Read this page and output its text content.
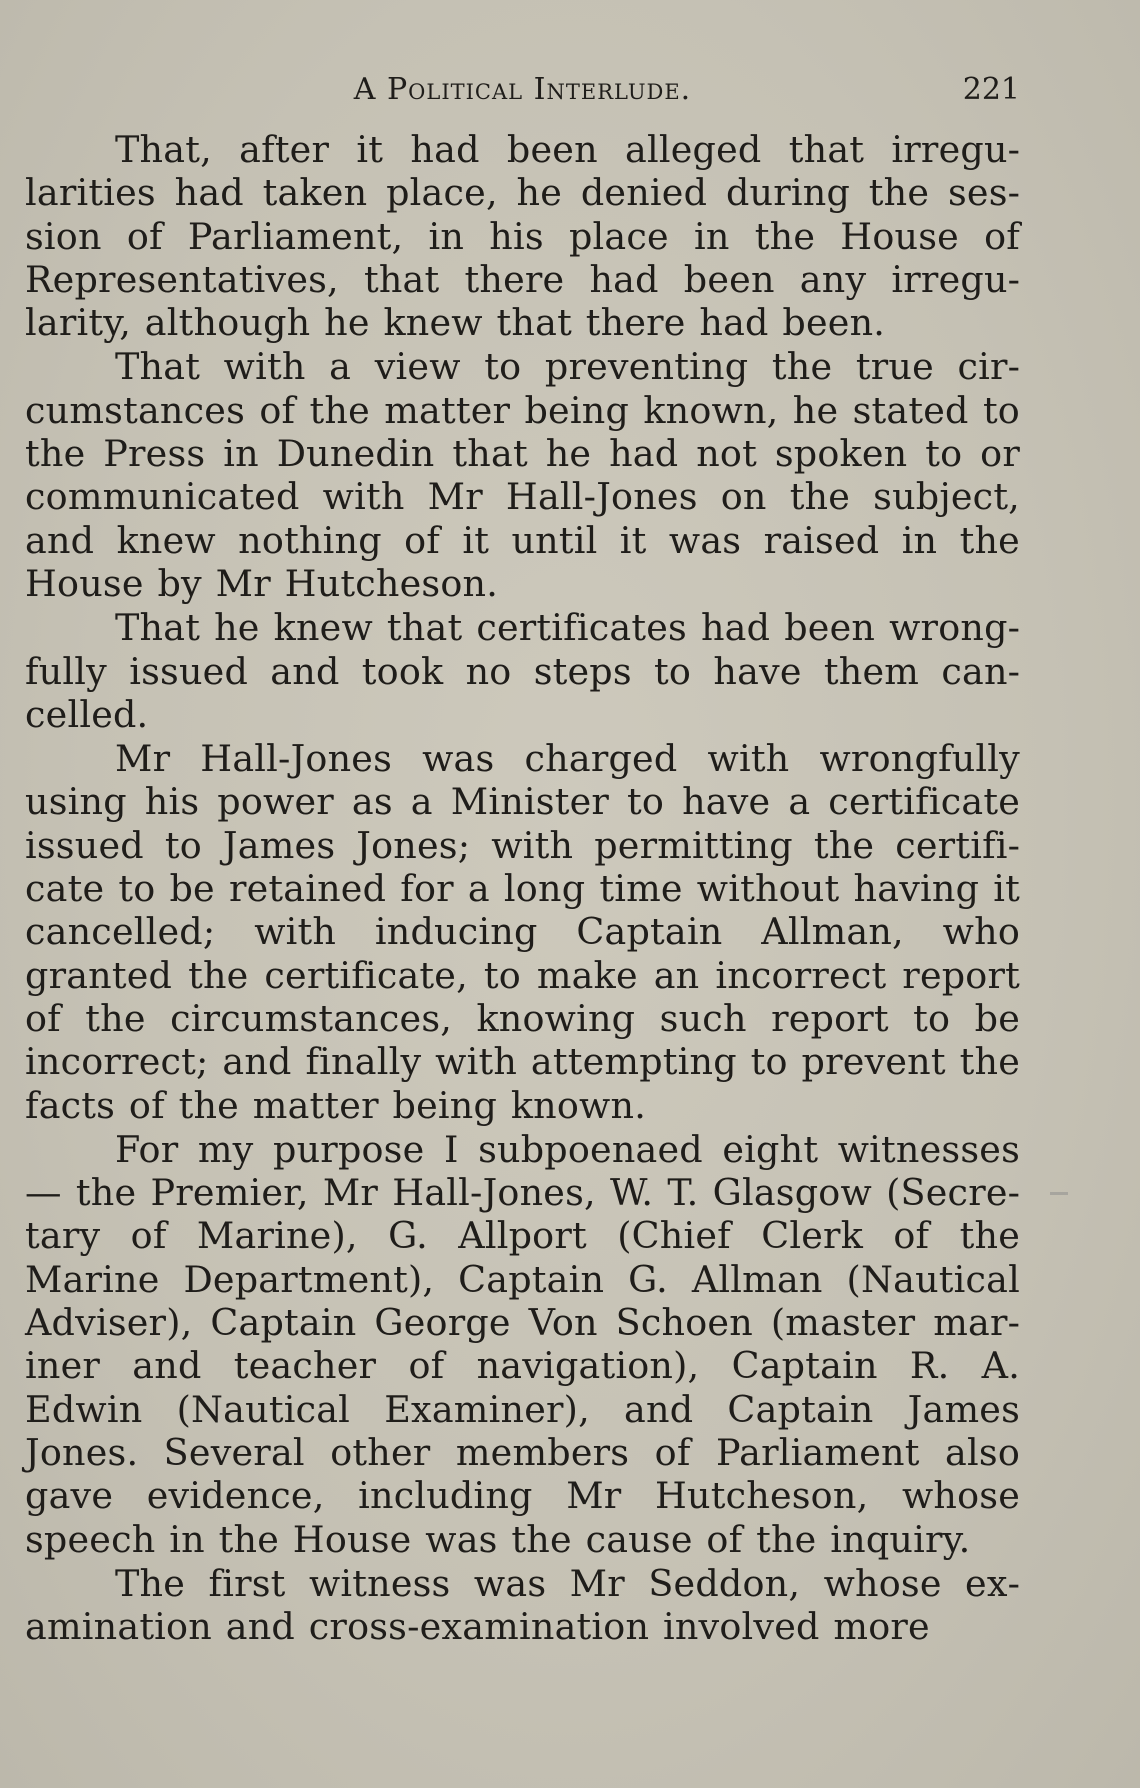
A Political Interlude.	221

That, after it had been alleged that irregularities had taken place, he denied during the session of Parliament, in his place in the House of Representatives, that there had been any irregularity, although he knew that there had been.

That with a view to preventing the true circumstances of the matter being known, he stated to the Press in Dunedin that he had not spoken to or communicated with Mr Hall-Jones on the subject, and knew nothing of it until it was raised in the House by Mr Hutcheson.

That he knew that certificates had been wrongfully issued and took no steps to have them cancelled.

Mr Hall-Jones was charged with wrongfully using his power as a Minister to have a certificate issued to James Jones; with permitting the certificate to be retained for a long time without having it cancelled; with inducing Captain Allman, who granted the certificate, to make an incorrect report of the circumstances, knowing such report to be incorrect; and finally with attempting to prevent the facts of the matter being known.

For my purpose I subpoenaed eight witnesses— the Premier, Mr Hall-Jones, W. T. Glasgow (Secretary of Marine), G. Allport (Chief Clerk of the Marine Department), Captain G. Allman (Nautical Adviser), Captain George Von Schoen (master mariner and teacher of navigation), Captain R. A. Edwin (Nautical Examiner), and Captain James Jones. Several other members of Parliament also gave evidence, including Mr Hutcheson, whose speech in the House was the cause of the inquiry.

The first witness was Mr Seddon, whose examination and cross-examination involved more
